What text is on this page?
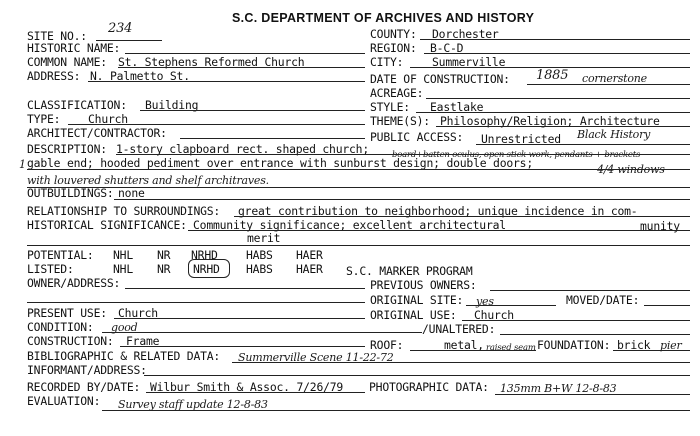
S.C. DEPARTMENT OF ARCHIVES AND HISTORY
SITE NO.: 234
HISTORIC NAME:
COMMON NAME: St. Stephens Reformed Church
ADDRESS: N. Palmetto St.
CLASSIFICATION: Building
TYPE: Church
ARCHITECT/CONTRACTOR:
COUNTY: Dorchester
REGION: B-C-D
CITY:	Summerville
DATE OF CONSTRUCTION: 1885 cornerstone
ACREAGE:
STYLE: Eastlake
THEME(S): Philosophy/Religion; Architecture
PUBLIC ACCESS: Unrestricted Black History
DESCRIPTION: 1-story clapboard rect. shaped church;	board+batten oculus, open stick work, pendants + brackets
1 gable end; hooded pediment over entrance with sunburst design; double doors;	4/4 windows
with louvered shutters and shelf architraves.
OUTBUILDINGS: none
RELATIONSHIP TO SURROUNDINGS: great contribution to neighborhood; unique incidence in com-
HISTORICAL SIGNIFICANCE: Community significance; excellent architectural	munity
merit
POTENTIAL: NHL NR NRHD HABS HAER
LISTED:	NHL NR NRHD HABS HAER S.C. MARKER PROGRAM
OWNER/ADDRESS:	PREVIOUS OWNERS:
ORIGINAL SITE: yes	MOVED/DATE:
PRESENT USE: Church	ORIGINAL USE: Church
CONDITION: good	/UNALTERED:
CONSTRUCTION: Frame	ROOF:	metal, raised seam FOUNDATION: brick pier
BIBLIOGRAPHIC & RELATED DATA: Summerville Scene 11-22-72
INFORMANT/ADDRESS:
RECORDED BY/DATE: Wilbur Smith & Assoc. 7/26/79 PHOTOGRAPHIC DATA: 135mm B+W 12-8-83
EVALUATION: Survey staff update 12-8-83
